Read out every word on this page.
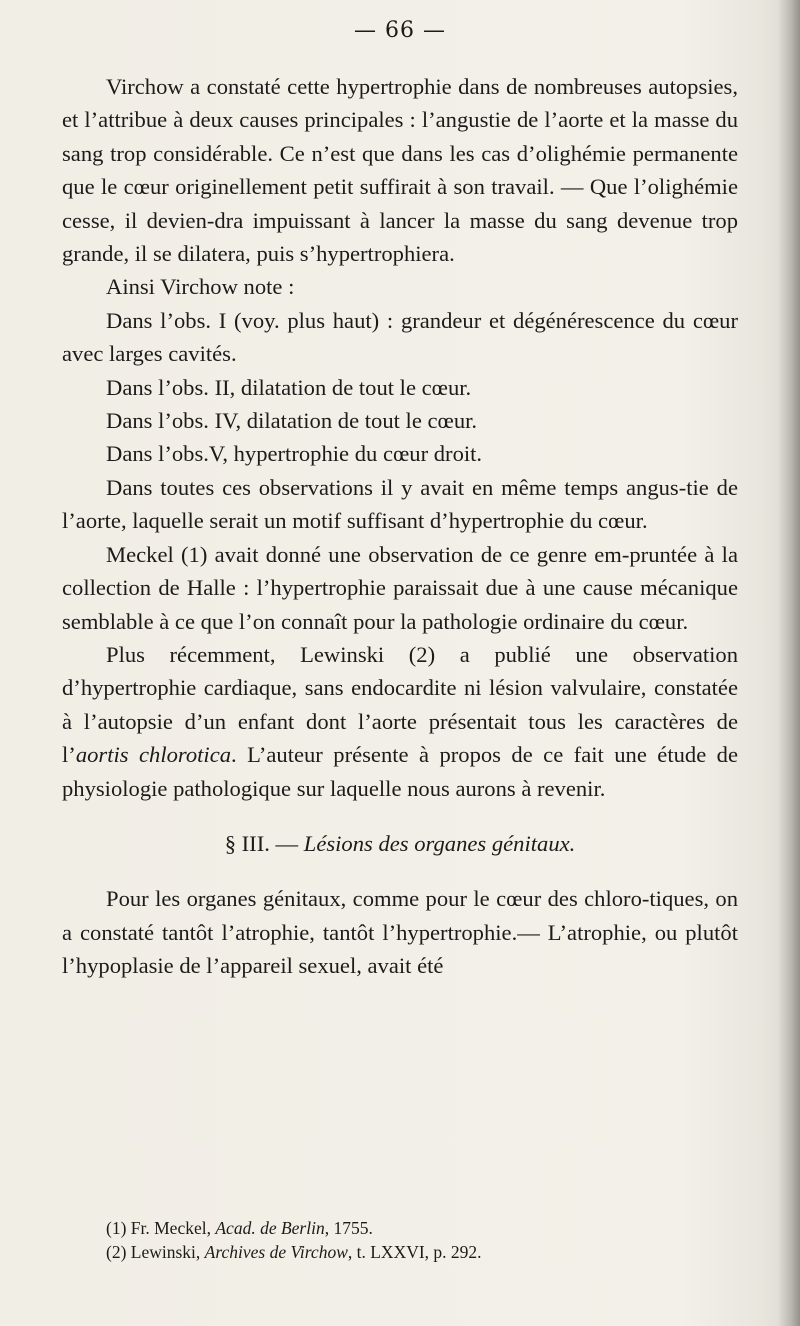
— 66 —

Virchow a constaté cette hypertrophie dans de nombreuses autopsies, et l’attribue à deux causes principales : l’angustie de l’aorte et la masse du sang trop considérable. Ce n’est que dans les cas d’olighémie permanente que le cœur originellement petit suffirait à son travail. — Que l’olighémie cesse, il devien-dra impuissant à lancer la masse du sang devenue trop grande, il se dilatera, puis s’hypertrophiera.

Ainsi Virchow note :

Dans l’obs. I (voy. plus haut) : grandeur et dégénérescence du cœur avec larges cavités.

Dans l’obs. II, dilatation de tout le cœur.

Dans l’obs. IV, dilatation de tout le cœur.

Dans l’obs.V, hypertrophie du cœur droit.

Dans toutes ces observations il y avait en même temps angus-tie de l’aorte, laquelle serait un motif suffisant d’hypertrophie du cœur.

Meckel (1) avait donné une observation de ce genre em-pruntée à la collection de Halle : l’hypertrophie paraissait due à une cause mécanique semblable à ce que l’on connaît pour la pathologie ordinaire du cœur.

Plus récemment, Lewinski (2) a publié une observation d’hypertrophie cardiaque, sans endocardite ni lésion valvulaire, constatée à l’autopsie d’un enfant dont l’aorte présentait tous les caractères de l’aortis chlorotica. L’auteur présente à propos de ce fait une étude de physiologie pathologique sur laquelle nous aurons à revenir.

§ III. — Lésions des organes génitaux.

Pour les organes génitaux, comme pour le cœur des chloro-tiques, on a constaté tantôt l’atrophie, tantôt l’hypertrophie.— L’atrophie, ou plutôt l’hypoplasie de l’appareil sexuel, avait été

(1) Fr. Meckel, Acad. de Berlin, 1755.

(2) Lewinski, Archives de Virchow, t. LXXVI, p. 292.
